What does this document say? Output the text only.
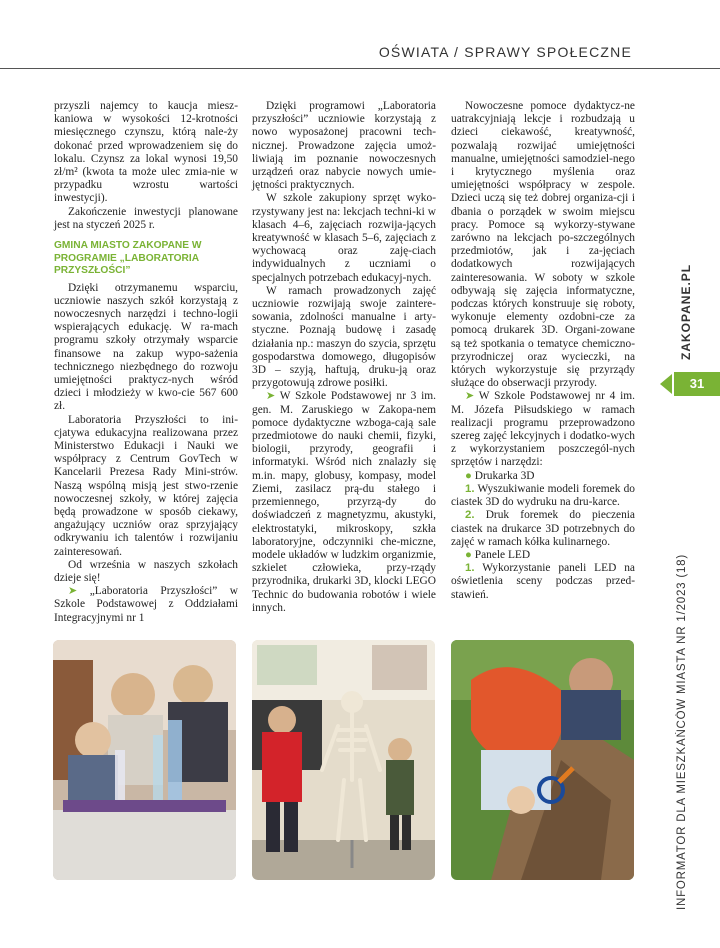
OŚWIATA / SPRAWY SPOŁECZNE

przyszli najemcy to kaucja miesz-kaniowa w wysokości 12-krotności miesięcznego czynszu, którą nale-ży dokonać przed wprowadzeniem się do lokalu. Czynsz za lokal wynosi 19,50 zł/m² (kwota ta może ulec zmia-nie w przypadku wzrostu wartości inwestycji).

Zakończenie inwestycji planowane jest na styczeń 2025 r.

GMINA MIASTO ZAKOPANE W PROGRAMIE „LABORATORIA PRZYSZŁOŚCI”

Dzięki otrzymanemu wsparciu, uczniowie naszych szkół korzystają z nowoczesnych narzędzi i techno-logii wspierających edukację. W ra-mach programu szkoły otrzymały wsparcie finansowe na zakup wypo-sażenia technicznego niezbędnego do rozwoju umiejętności praktycz-nych wśród dzieci i młodzieży w kwo-cie 567 600 zł.

Laboratoria Przyszłości to ini-cjatywa edukacyjna realizowana przez Ministerstwo Edukacji i Nauki we współpracy z Centrum GovTech w Kancelarii Prezesa Rady Mini-strów. Naszą wspólną misją jest stwo-rzenie nowoczesnej szkoły, w której zajęcia będą prowadzone w sposób ciekawy, angażujący uczniów oraz sprzyjający odkrywaniu ich talentów i rozwijaniu zainteresowań.

Od września w naszych szkołach dzieje się!

➤ „Laboratoria Przyszłości” w Szkole Podstawowej z Oddziałami Integracyjnymi nr 1

Dzięki programowi „Laboratoria przyszłości” uczniowie korzystają z nowo wyposażonej pracowni tech-nicznej. Prowadzone zajęcia umoż-liwiają im poznanie nowoczesnych urządzeń oraz nabycie nowych umie-jętności praktycznych.

W szkole zakupiony sprzęt wyko-rzystywany jest na: lekcjach techni-ki w klasach 4–6, zajęciach rozwija-jących kreatywność w klasach 5–6, zajęciach z wychowacą oraz zaję-ciach indywidualnych z uczniami o specjalnych potrzebach edukacyj-nych.

W ramach prowadzonych zajęć uczniowie rozwijają swoje zaintere-sowania, zdolności manualne i arty-styczne. Poznają budowę i zasadę działania np.: maszyn do szycia, sprzętu gospodarstwa domowego, długopisów 3D – szyją, haftują, druku-ją oraz przygotowują zdrowe posiłki.

➤ W Szkole Podstawowej nr 3 im. gen. M. Zaruskiego w Zakopa-nem pomoce dydaktyczne wzboga-cają sale przedmiotowe do nauki chemii, fizyki, biologii, przyrody, geografii i informatyki. Wśród nich znalazły się m.in. mapy, globusy, kompasy, model Ziemi, zasilacz prą-du stałego i przemiennego, przyrzą-dy do doświadczeń z magnetyzmu, akustyki, elektrostatyki, mikroskopy, szkła laboratoryjne, odczynniki che-miczne, modele układów w ludzkim organizmie, szkielet człowieka, przy-rządy przyrodnika, drukarki 3D, klocki LEGO Technic do budowania robotów i wiele innych.

Nowoczesne pomoce dydaktycz-ne uatrakcyjniają lekcje i rozbudzają u dzieci ciekawość, kreatywność, pozwalają rozwijać umiejętności manualne, umiejętności samodziel-nego i krytycznego myślenia oraz umiejętności współpracy w zespole. Dzieci uczą się też dobrej organiza-cji i dbania o porządek w swoim miejscu pracy. Pomoce są wykorzy-stywane zarówno na lekcjach po-szczególnych przedmiotów, jak i za-jęciach dodatkowych rozwijających zainteresowania. W soboty w szkole odbywają się zajęcia informatyczne, podczas których konstruuje się roboty, wykonuje elementy ozdobni-cze za pomocą drukarek 3D. Organi-zowane są też spotkania o tematyce chemiczno-przyrodniczej oraz wycieczki, na których wykorzystuje się przyrządy służące do obserwacji przyrody.

➤ W Szkole Podstawowej nr 4 im. M. Józefa Piłsudskiego w ramach realizacji programu przeprowadzono szereg zajęć lekcyjnych i dodatko-wych z wykorzystaniem poszczegól-nych sprzętów i narzędzi:

● Drukarka 3D

1. Wyszukiwanie modeli foremek do ciastek 3D do wydruku na dru-karce.

2. Druk foremek do pieczenia ciastek na drukarce 3D potrzebnych do zajęć w ramach kółka kulinarnego.

● Panele LED

1. Wykorzystanie paneli LED na oświetlenia sceny podczas przed-stawień.	INFORMATOR DLA MIESZKAŃCÓW MIASTA NR 1/2023 (18)
ZAKOPANE.PL
31
